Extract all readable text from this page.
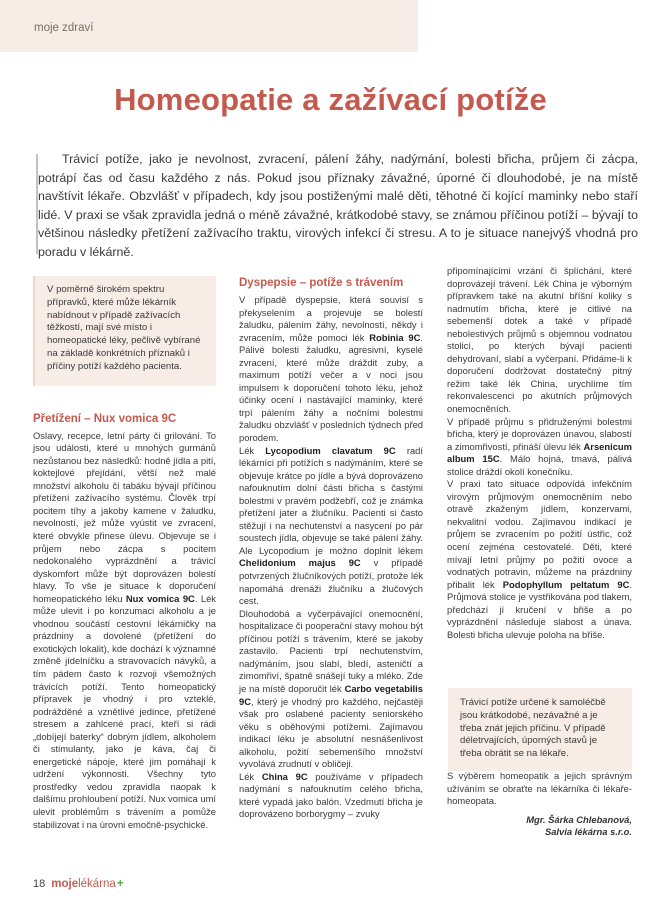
moje zdraví
Homeopatie a zažívací potíže

Trávicí potíže, jako je nevolnost, zvracení, pálení žáhy, nadýmání, bolesti břicha, průjem či zácpa, potrápí čas od času každého z nás. Pokud jsou příznaky závažné, úporné či dlouhodobé, je na místě navštívit lékaře. Obzvlášť v případech, kdy jsou postiženými malé děti, těhotné či kojící maminky nebo staří lidé. V praxi se však zpravidla jedná o méně závažné, krátkodobé stavy, se známou příčinou potíží – bývají to většinou následky přetížení zažívacího traktu, virových infekcí či stresu. A to je situace nanejvýš vhodná pro poradu v lékárně.

V poměrně širokém spektru přípravků, které může lékárník nabídnout v případě zažívacích těžkostí, mají své místo i homeopatické léky, pečlivě vybírané na základě konkrétních příznaků i příčiny potíží každého pacienta.
Přetížení – Nux vomica 9C

Oslavy, recepce, letní párty či grilování. To jsou události, které u mnohých gurmánů nezůstanou bez následků: hodně jídla a pití, koktejlové přejídání, větší než malé množství alkoholu či tabáku bývají příčinou přetížení zažívacího systému. Člověk trpí pocitem tíhy a jakoby kamene v žaludku, nevolností, jež může vyústit ve zvracení, které obvykle přinese úlevu. Objevuje se i průjem nebo zácpa s pocitem nedokonalého vyprázdnění a trávicí dyskomfort může být doprovázen bolestí hlavy. To vše je situace k doporučení homeopatického léku Nux vomica 9C. Lék může ulevit i po konzumaci alkoholu a je vhodnou součástí cestovní lékárničky na prázdniny a dovolené (přetížení do exotických lokalit), kde dochází k významné změně jídelníčku a stravovacích návyků, a tím pádem často k rozvoji všemožných trávicích potíží. Tento homeopatický přípravek je vhodný i pro vzteklé, podrážděné a vznětlivé jedince, přetížené stresem a zahlcené prací, kteří si rádi „dobíjejí baterky“ dobrým jídlem, alkoholem či stimulanty, jako je káva, čaj či energetické nápoje, které jim pomáhají k udržení výkonnosti. Všechny tyto prostředky vedou zpravidla naopak k dalšímu prohloubení potíží. Nux vomica umí ulevit problémům s trávením a pomůže stabilizovat i na úrovni emočně-psychické.

Dyspepsie – potíže s trávením

V případě dyspepsie, která souvisí s překyselením a projevuje se bolestí žaludku, pálením žáhy, nevolností, někdy i zvracením, může pomoci lék Robinia 9C. Pálivé bolesti žaludku, agresivní, kyselé zvracení, které může dráždit zuby, a maximum potíží večer a v noci jsou impulsem k doporučení tohoto léku, jehož účinky ocení i nastávající maminky, které trpí pálením žáhy a nočními bolestmi žaludku obzvlášť v posledních týdnech před porodem.

Lék Lycopodium clavatum 9C radí lékárníci při potížích s nadýmáním, které se objevuje krátce po jídle a bývá doprovázeno nafouknutím dolní části břicha s častými bolestmi v pravém podžebří, což je známka přetížení jater a žlučníku. Pacienti si často stěžují i na nechutenství a nasycení po pár soustech jídla, objevuje se také pálení žáhy. Ale Lycopodium je možno doplnit lékem Chelidonium majus 9C v případě potvrzených žlučníkových potíží, protože lék napomáhá drenáži žlučníku a žlučových cest.

Dlouhodobá a vyčerpávající onemocnění, hospitalizace či pooperační stavy mohou být příčinou potíží s trávením, které se jakoby zastavilo. Pacienti trpí nechutenstvím, nadýmáním, jsou slabí, bledí, asteničtí a zimomřiví, špatně snášejí tuky a mléko. Zde je na místě doporučit lék Carbo vegetabilis 9C, který je vhodný pro každého, nejčastěji však pro oslabené pacienty seniorského věku s oběhovými potížemi. Zajímavou indikací léku je absolutní nesnášenlivost alkoholu, požití sebemenšího množství vyvolává zrudnutí v obličeji.

Lék China 9C používáme v případech nadýmání s nafouknutím celého břicha, které vypadá jako balón. Vzedmutí břicha je doprovázeno borborygmy – zvuky

připomínajícími vrzání či šplíchání, které doprovázejí trávení. Lék China je výborným přípravkem také na akutní bříšní koliky s nadmutím břicha, které je citlivé na sebemenší dotek a také v případě nebolestivých průjmů s objemnou vodnatou stolicí, po kterých bývají pacienti dehydrovaní, slabí a vyčerpaní. Přidáme-li k doporučení dodržovat dostatečný pitný režim také lék China, urychlíme tím rekonvalescenci po akutních průjmových onemocněních.

V případě průjmu s přidruženými bolestmi břicha, který je doprovázen únavou, slabostí a zimomřivostí, přináší úlevu lék Arsenicum album 15C. Málo hojná, tmavá, pálivá stolice dráždí okolí konečníku.

V praxi tato situace odpovídá infekčním virovým průjmovým onemocněním nebo otravě zkaženým jídlem, konzervami, nekvalitní vodou. Zajímavou indikací je průjem se zvracením po požití ústřic, což ocení zejména cestovatelé. Děti, které mívají letní průjmy po požití ovoce a vodnatých potravin, můžeme na prázdniny přibalit lék Podophyllum peltatum 9C. Průjmová stolice je vystřikována pod tlakem, předchází jí kručení v břiše a po vyprázdnění následuje slabost a únava. Bolesti břicha ulevuje poloha na břiše.

Trávicí potíže určené k samoléčbě jsou krátkodobé, nezávažné a je třeba znát jejich příčinu. V případě déletrvajících, úporných stavů je třeba obrátit se na lékaře.

S výběrem homeopatik a jejich správným užíváním se obraťte na lékárníka či lékaře-homeopata.

Mgr. Šárka Chlebanová,

Salvia lékárna s.r.o.

18 mojelékárna+
